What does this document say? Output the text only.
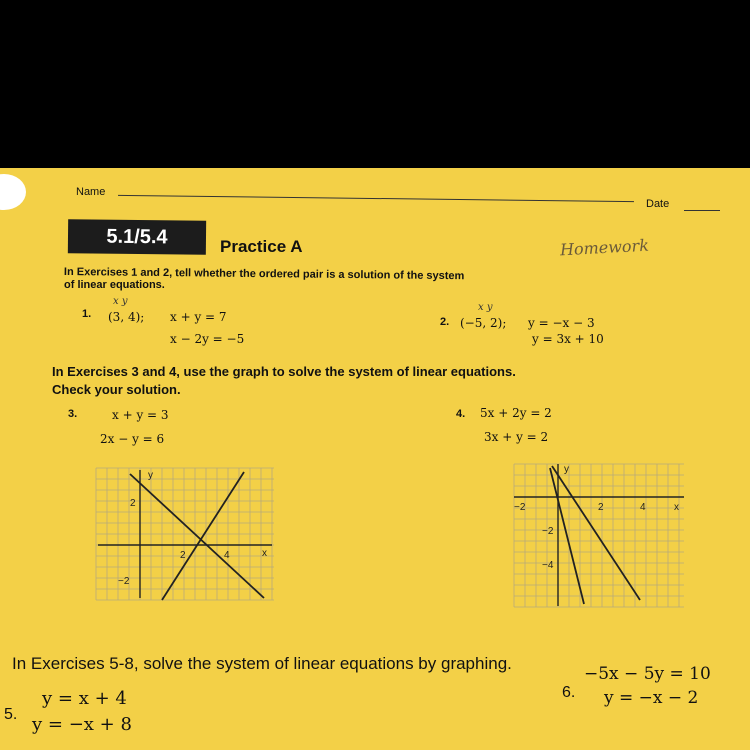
Name
Date
5.1/5.4	Practice A	Homework
In Exercises 1 and 2, tell whether the ordered pair is a solution of the system
of linear equations.
1.
x y
(3, 4); x + y = 7
x − 2y = −5
2.
x y
(−5, 2); y = −x − 3
y = 3x + 10
In Exercises 3 and 4, use the graph to solve the system of linear equations.
Check your solution.
3.	x + y = 3
2x − y = 6
4. 5x + 2y = 2
3x + y = 2
y
x
2
2	4
−2
y
x
−2	2	4
−2
−4
In Exercises 5-8, solve the system of linear equations by graphing.
5.
y = x + 4
y = −x + 8
6.
−5x − 5y = 10
y = −x − 2
